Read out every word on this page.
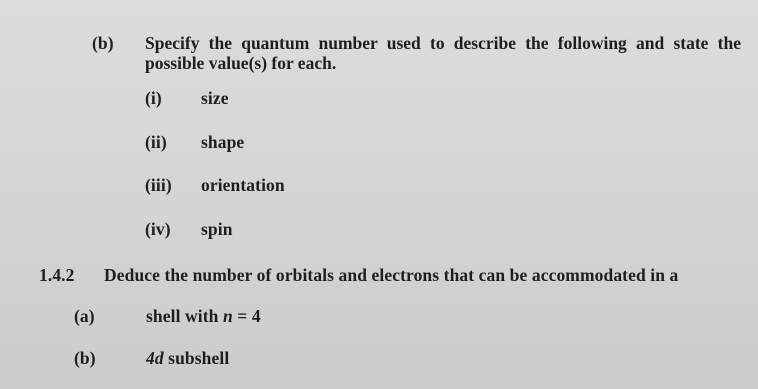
(b) Specify the quantum number used to describe the following and state the possible value(s) for each.
(i) size
(ii) shape
(iii) orientation
(iv) spin
1.4.2 Deduce the number of orbitals and electrons that can be accommodated in a
(a)	shell with n = 4
(b)	4d subshell
